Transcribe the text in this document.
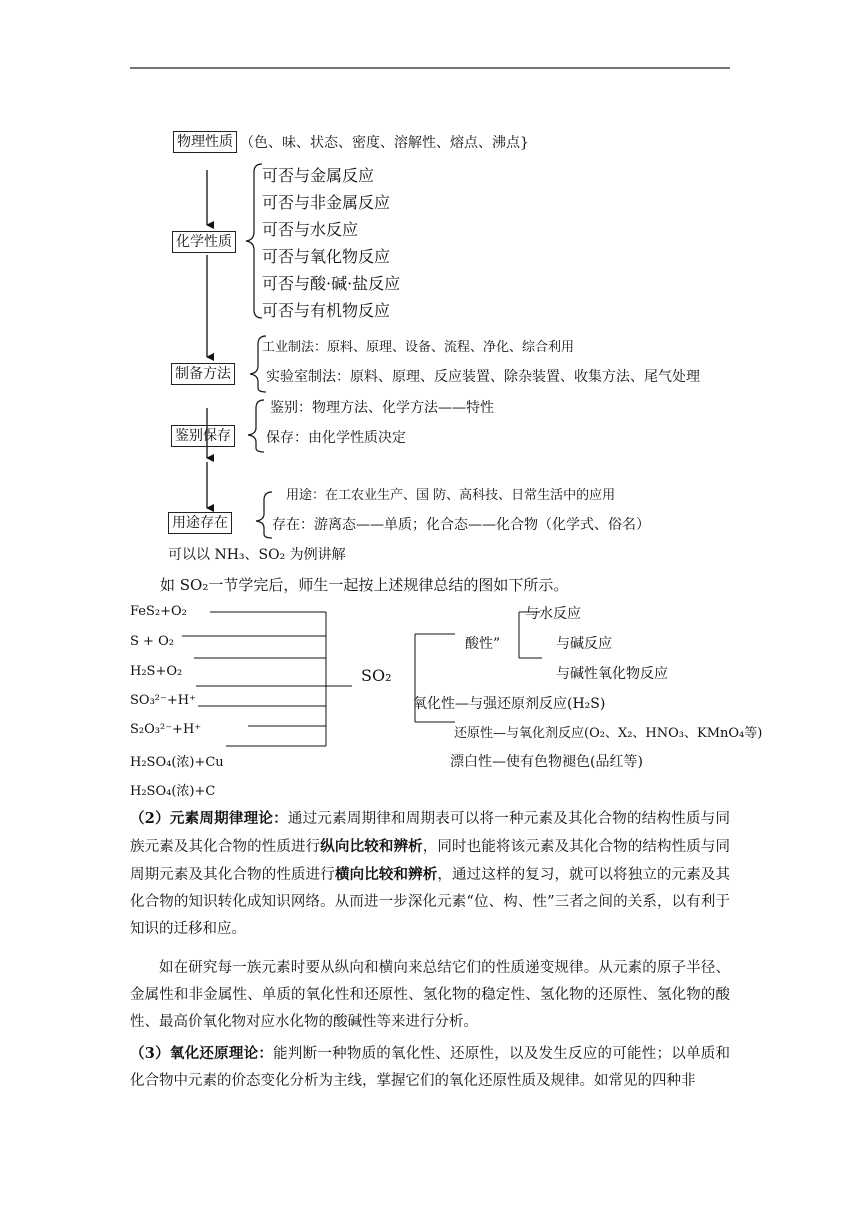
物理性质 （色、味、状态、密度、溶解性、熔点、沸点}
化学性质
可否与金属反应
可否与非金属反应
可否与水反应
可否与氧化物反应
可否与酸·碱·盐反应
可否与有机物反应
制备方法
工业制法：原料、原理、设备、流程、净化、综合利用
实验室制法：原料、原理、反应装置、除杂装置、收集方法、尾气处理
鉴别保存
鉴别：物理方法、化学方法——特性
保存：由化学性质决定
用途存在
用途：在工农业生产、国 防、高科技、日常生活中的应用
存在：游离态——单质；化合态——化合物（化学式、俗名）
可以以 NH₃、SO₂ 为例讲解
如 SO₂一节学完后，师生一起按上述规律总结的图如下所示。
FeS₂+O₂
S + O₂
H₂S+O₂
SO₃²⁻+H⁺
S₂O₃²⁻+H⁺
H₂SO₄(浓)+Cu
H₂SO₄(浓)+C
SO₂
酸性”
与水反应
与碱反应
与碱性氧化物反应
氧化性—与强还原剂反应(H₂S)
还原性—与氧化剂反应(O₂、X₂、HNO₃、KMnO₄等)
漂白性—使有色物褪色(品红等)
（2）元素周期律理论：通过元素周期律和周期表可以将一种元素及其化合物的结构性质与同族元素及其化合物的性质进行纵向比较和辨析，同时也能将该元素及其化合物的结构性质与同周期元素及其化合物的性质进行横向比较和辨析，通过这样的复习，就可以将独立的元素及其化合物的知识转化成知识网络。从而进一步深化元素“位、构、性”三者之间的关系，以有利于知识的迁移和应。
如在研究每一族元素时要从纵向和横向来总结它们的性质递变规律。从元素的原子半径、金属性和非金属性、单质的氧化性和还原性、氢化物的稳定性、氢化物的还原性、氢化物的酸性、最高价氧化物对应水化物的酸碱性等来进行分析。
（3）氧化还原理论：能判断一种物质的氧化性、还原性，以及发生反应的可能性；以单质和化合物中元素的价态变化分析为主线，掌握它们的氧化还原性质及规律。如常见的四种非
